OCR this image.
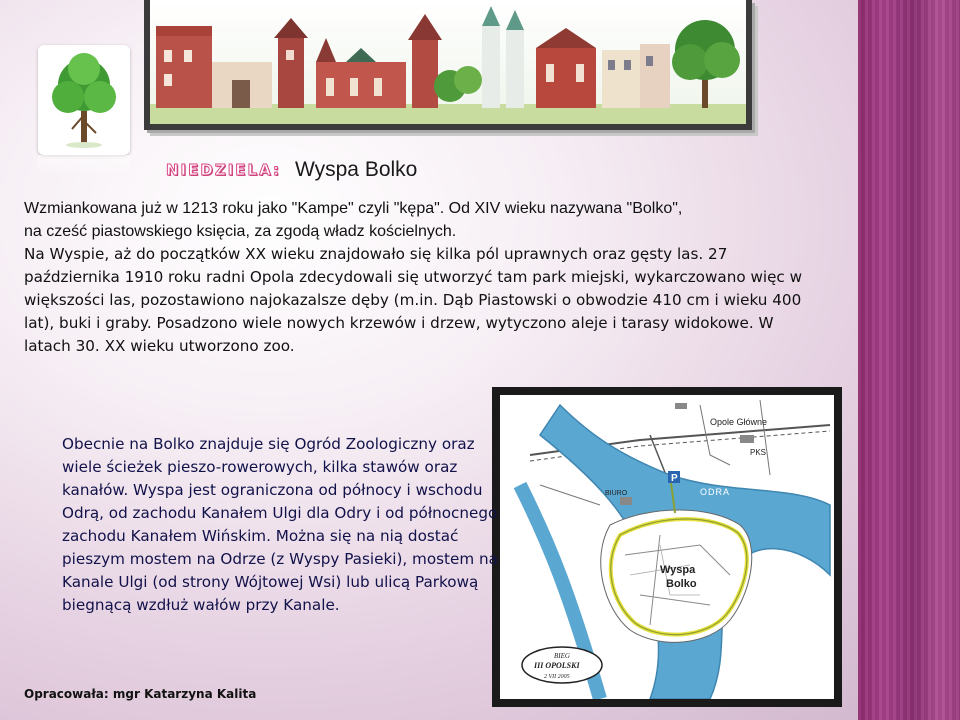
NIEDZIELA: Wyspa Bolko

Wzmiankowana już w 1213 roku jako "Kampe" czyli "kępa". Od XIV wieku nazywana "Bolko",

na cześć piastowskiego księcia, za zgodą władz kościelnych.

Na Wyspie, aż do początków XX wieku znajdowało się kilka pól uprawnych oraz gęsty las. 27 października 1910 roku radni Opola zdecydowali się utworzyć tam park miejski, wykarczowano więc w większości las, pozostawiono najokazalsze dęby (m.in. Dąb Piastowski o obwodzie 410 cm i wieku 400 lat), buki i graby. Posadzono wiele nowych krzewów i drzew, wytyczono aleje i tarasy widokowe. W latach 30. XX wieku utworzono zoo.

P
Opole Główne
PKS
BIURO	ODRA
Wyspa
Bolko
BIEG
III OPOLSKI
2 VII 2005

Obecnie na Bolko znajduje się Ogród Zoologiczny oraz wiele ścieżek pieszo-rowerowych, kilka stawów oraz kanałów. Wyspa jest ograniczona od północy i wschodu Odrą, od zachodu Kanałem Ulgi dla Odry i od północnego zachodu Kanałem Wińskim. Można się na nią dostać pieszym mostem na Odrze (z Wyspy Pasieki), mostem na Kanale Ulgi (od strony Wójtowej Wsi) lub ulicą Parkową biegnącą wzdłuż wałów przy Kanale.

Opracowała: mgr Katarzyna Kalita
